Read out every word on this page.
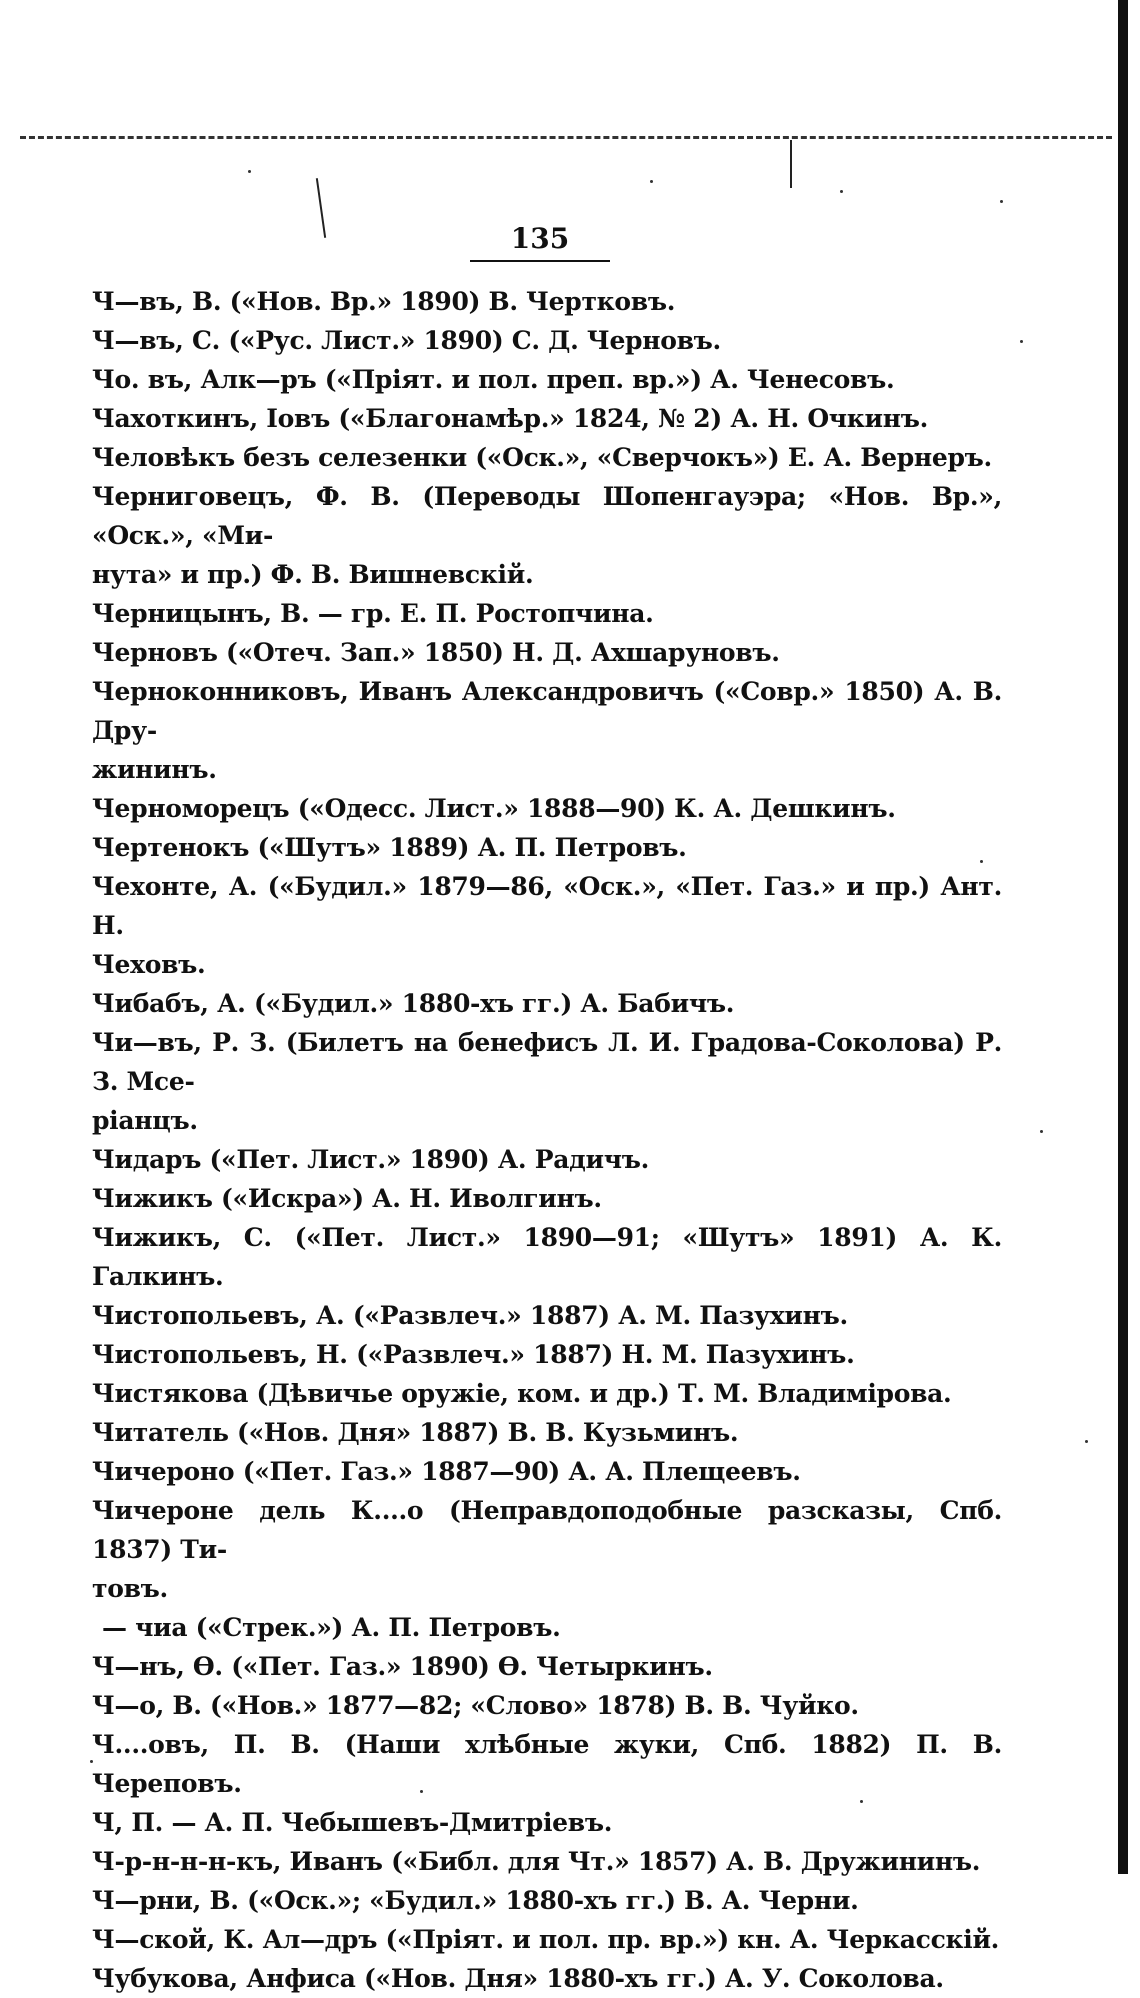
135
Ч—въ, В. («Нов. Вр.» 1890) В. Чертковъ.
Ч—въ, С. («Рус. Лист.» 1890) С. Д. Черновъ.
Чо. въ, Алк—ръ («Пріят. и пол. преп. вр.») А. Ченесовъ.
Чахоткинъ, Іовъ («Благонамѣр.» 1824, № 2) А. Н. Очкинъ.
Человѣкъ безъ селезенки («Оск.», «Сверчокъ») Е. А. Вернеръ.
Черниговецъ, Ф. В. (Переводы Шопенгауэра; «Нов. Вр.», «Оск.», «Ми-
нута» и пр.) Ф. В. Вишневскій.
Черницынъ, В. — гр. Е. П. Ростопчина.
Черновъ («Отеч. Зап.» 1850) Н. Д. Ахшаруновъ.
Черноконниковъ, Иванъ Александровичъ («Совр.» 1850) А. В. Дру-
жининъ.
Черноморецъ («Одесс. Лист.» 1888—90) К. А. Дешкинъ.
Чертенокъ («Шутъ» 1889) А. П. Петровъ.
Чехонте, А. («Будил.» 1879—86, «Оск.», «Пет. Газ.» и пр.) Ант. Н.
Чеховъ.
Чибабъ, А. («Будил.» 1880-хъ гг.) А. Бабичъ.
Чи—въ, Р. З. (Билетъ на бенефисъ Л. И. Градова-Соколова) Р. З. Мсе-
ріанцъ.
Чидаръ («Пет. Лист.» 1890) А. Радичъ.
Чижикъ («Искра») А. Н. Иволгинъ.
Чижикъ, С. («Пет. Лист.» 1890—91; «Шутъ» 1891) А. К. Галкинъ.
Чистопольевъ, А. («Развлеч.» 1887) А. М. Пазухинъ.
Чистопольевъ, Н. («Развлеч.» 1887) Н. М. Пазухинъ.
Чистякова (Дѣвичье оружіе, ком. и др.) Т. М. Владимірова.
Читатель («Нов. Дня» 1887) В. В. Кузьминъ.
Чичероно («Пет. Газ.» 1887—90) А. А. Плещеевъ.
Чичероне дель К....о (Неправдоподобные разсказы, Спб. 1837) Ти-
товъ.
— чиа («Стрек.») А. П. Петровъ.
Ч—нъ, Ѳ. («Пет. Газ.» 1890) Ѳ. Четыркинъ.
Ч—о, В. («Нов.» 1877—82; «Слово» 1878) В. В. Чуйко.
Ч....овъ, П. В. (Наши хлѣбные жуки, Спб. 1882) П. В. Череповъ.
Ч, П. — А. П. Чебышевъ-Дмитріевъ.
Ч-р-н-н-н-къ, Иванъ («Библ. для Чт.» 1857) А. В. Дружининъ.
Ч—рни, В. («Оск.»; «Будил.» 1880-хъ гг.) В. А. Черни.
Ч—ской, К. Ал—дръ («Пріят. и пол. пр. вр.») кн. А. Черкасскій.
Чубукова, Анфиса («Нов. Дня» 1880-хъ гг.) А. У. Соколова.
